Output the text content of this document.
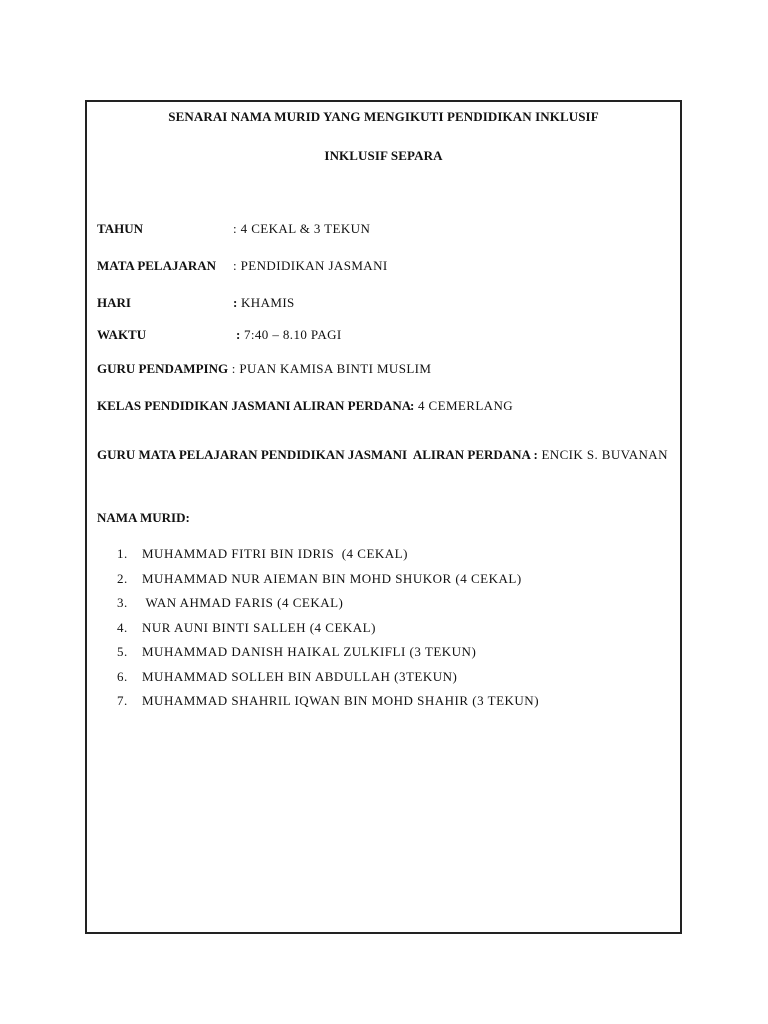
SENARAI NAMA MURID YANG MENGIKUTI PENDIDIKAN INKLUSIF
INKLUSIF SEPARA
TAHUN	: 4 CEKAL & 3 TEKUN
MATA PELAJARAN : PENDIDIKAN JASMANI
HARI	: KHAMIS
WAKTU	: 7:40 – 8.10 PAGI
GURU PENDAMPING : PUAN KAMISA BINTI MUSLIM
KELAS PENDIDIKAN JASMANI ALIRAN PERDANA: 4 CEMERLANG
GURU MATA PELAJARAN PENDIDIKAN JASMANI  ALIRAN PERDANA : ENCIK S. BUVANAN
NAMA MURID:
1. MUHAMMAD FITRI BIN IDRIS  (4 CEKAL)
2. MUHAMMAD NUR AIEMAN BIN MOHD SHUKOR (4 CEKAL)
3. WAN AHMAD FARIS (4 CEKAL)
4. NUR AUNI BINTI SALLEH (4 CEKAL)
5. MUHAMMAD DANISH HAIKAL ZULKIFLI (3 TEKUN)
6. MUHAMMAD SOLLEH BIN ABDULLAH (3TEKUN)
7. MUHAMMAD SHAHRIL IQWAN BIN MOHD SHAHIR (3 TEKUN)
